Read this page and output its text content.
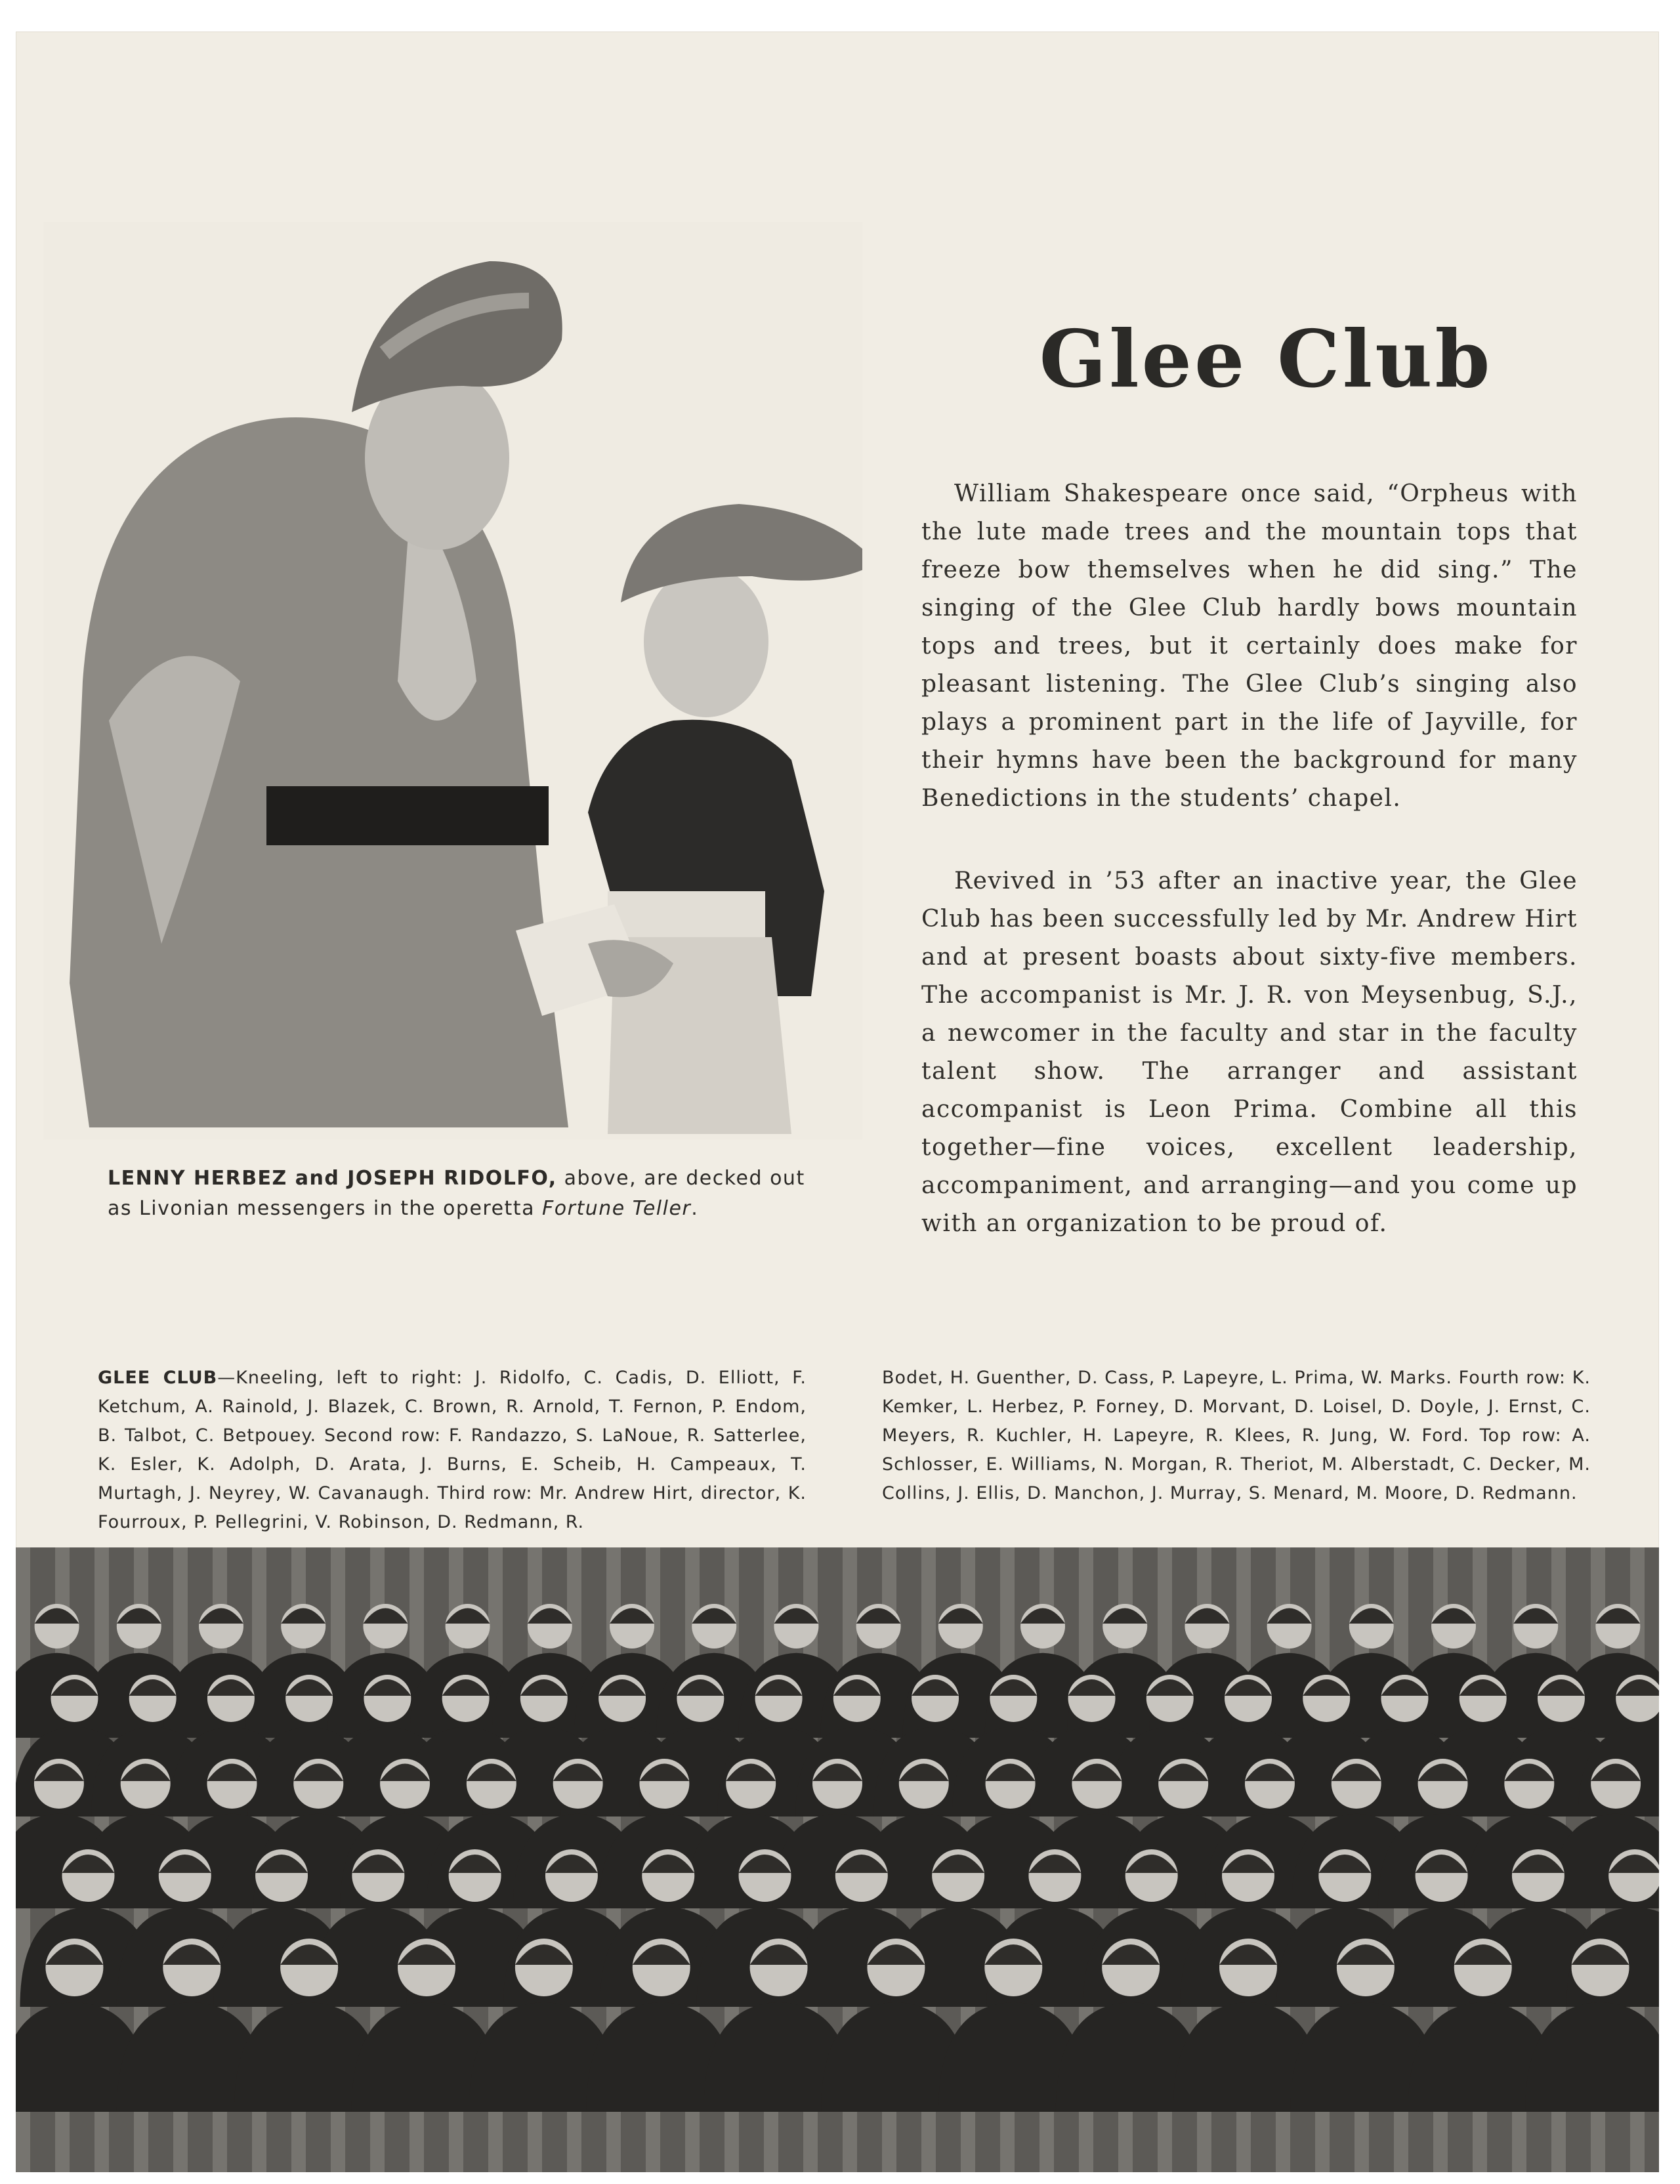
LENNY HERBEZ and JOSEPH RIDOLFO, above, are decked out as Livonian messengers in the operetta Fortune Teller.
Glee Club

William Shakespeare once said, “Orpheus with the lute made trees and the mountain tops that freeze bow themselves when he did sing.” The singing of the Glee Club hardly bows mountain tops and trees, but it certainly does make for pleasant listening. The Glee Club’s singing also plays a prominent part in the life of Jayville, for their hymns have been the background for many Benedictions in the students’ chapel.

Revived in ’53 after an inactive year, the Glee Club has been successfully led by Mr. Andrew Hirt and at present boasts about sixty-five members. The accompanist is Mr. J. R. von Meysenbug, S.J., a newcomer in the faculty and star in the faculty talent show. The arranger and assistant accompanist is Leon Prima. Combine all this together—fine voices, excellent leadership, accompaniment, and arranging—and you come up with an organization to be proud of.

GLEE CLUB—Kneeling, left to right: J. Ridolfo, C. Cadis, D. Elliott, F. Ketchum, A. Rainold, J. Blazek, C. Brown, R. Arnold, T. Fernon, P. Endom, B. Talbot, C. Betpouey. Second row: F. Randazzo, S. LaNoue, R. Satterlee, K. Esler, K. Adolph, D. Arata, J. Burns, E. Scheib, H. Campeaux, T. Murtagh, J. Neyrey, W. Cavanaugh. Third row: Mr. Andrew Hirt, director, K. Fourroux, P. Pellegrini, V. Robinson, D. Redmann, R.
Bodet, H. Guenther, D. Cass, P. Lapeyre, L. Prima, W. Marks. Fourth row: K. Kemker, L. Herbez, P. Forney, D. Morvant, D. Loisel, D. Doyle, J. Ernst, C. Meyers, R. Kuchler, H. Lapeyre, R. Klees, R. Jung, W. Ford. Top row: A. Schlosser, E. Williams, N. Morgan, R. Theriot, M. Alberstadt, C. Decker, M. Collins, J. Ellis, D. Manchon, J. Murray, S. Menard, M. Moore, D. Redmann.
